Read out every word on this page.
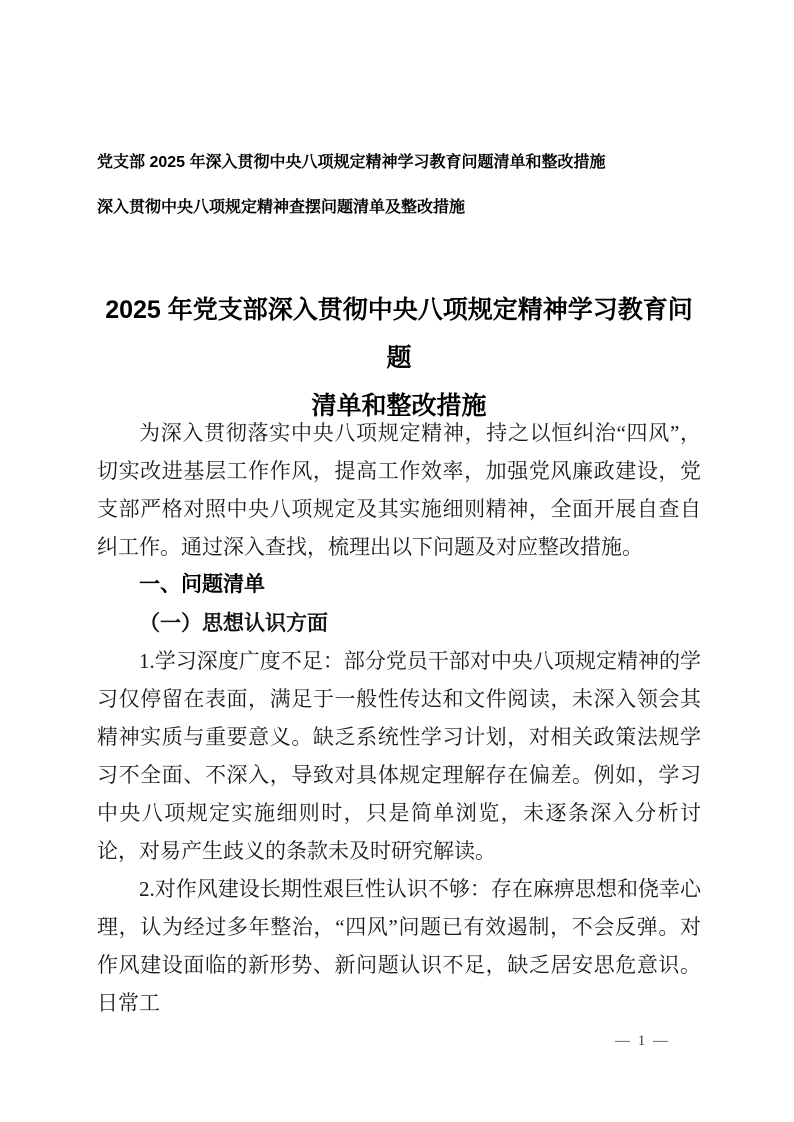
党支部 2025 年深入贯彻中央八项规定精神学习教育问题清单和整改措施
深入贯彻中央八项规定精神查摆问题清单及整改措施
2025 年党支部深入贯彻中央八项规定精神学习教育问题
清单和整改措施

为深入贯彻落实中央八项规定精神，持之以恒纠治“四风”，切实改进基层工作作风，提高工作效率，加强党风廉政建设，党支部严格对照中央八项规定及其实施细则精神，全面开展自查自纠工作。通过深入查找，梳理出以下问题及对应整改措施。

一、问题清单
（一）思想认识方面

1.学习深度广度不足：部分党员干部对中央八项规定精神的学习仅停留在表面，满足于一般性传达和文件阅读，未深入领会其精神实质与重要意义。缺乏系统性学习计划，对相关政策法规学习不全面、不深入，导致对具体规定理解存在偏差。例如，学习中央八项规定实施细则时，只是简单浏览，未逐条深入分析讨论，对易产生歧义的条款未及时研究解读。

2.对作风建设长期性艰巨性认识不够：存在麻痹思想和侥幸心理，认为经过多年整治，“四风”问题已有效遏制，不会反弹。对作风建设面临的新形势、新问题认识不足，缺乏居安思危意识。日常工

— 1 —
